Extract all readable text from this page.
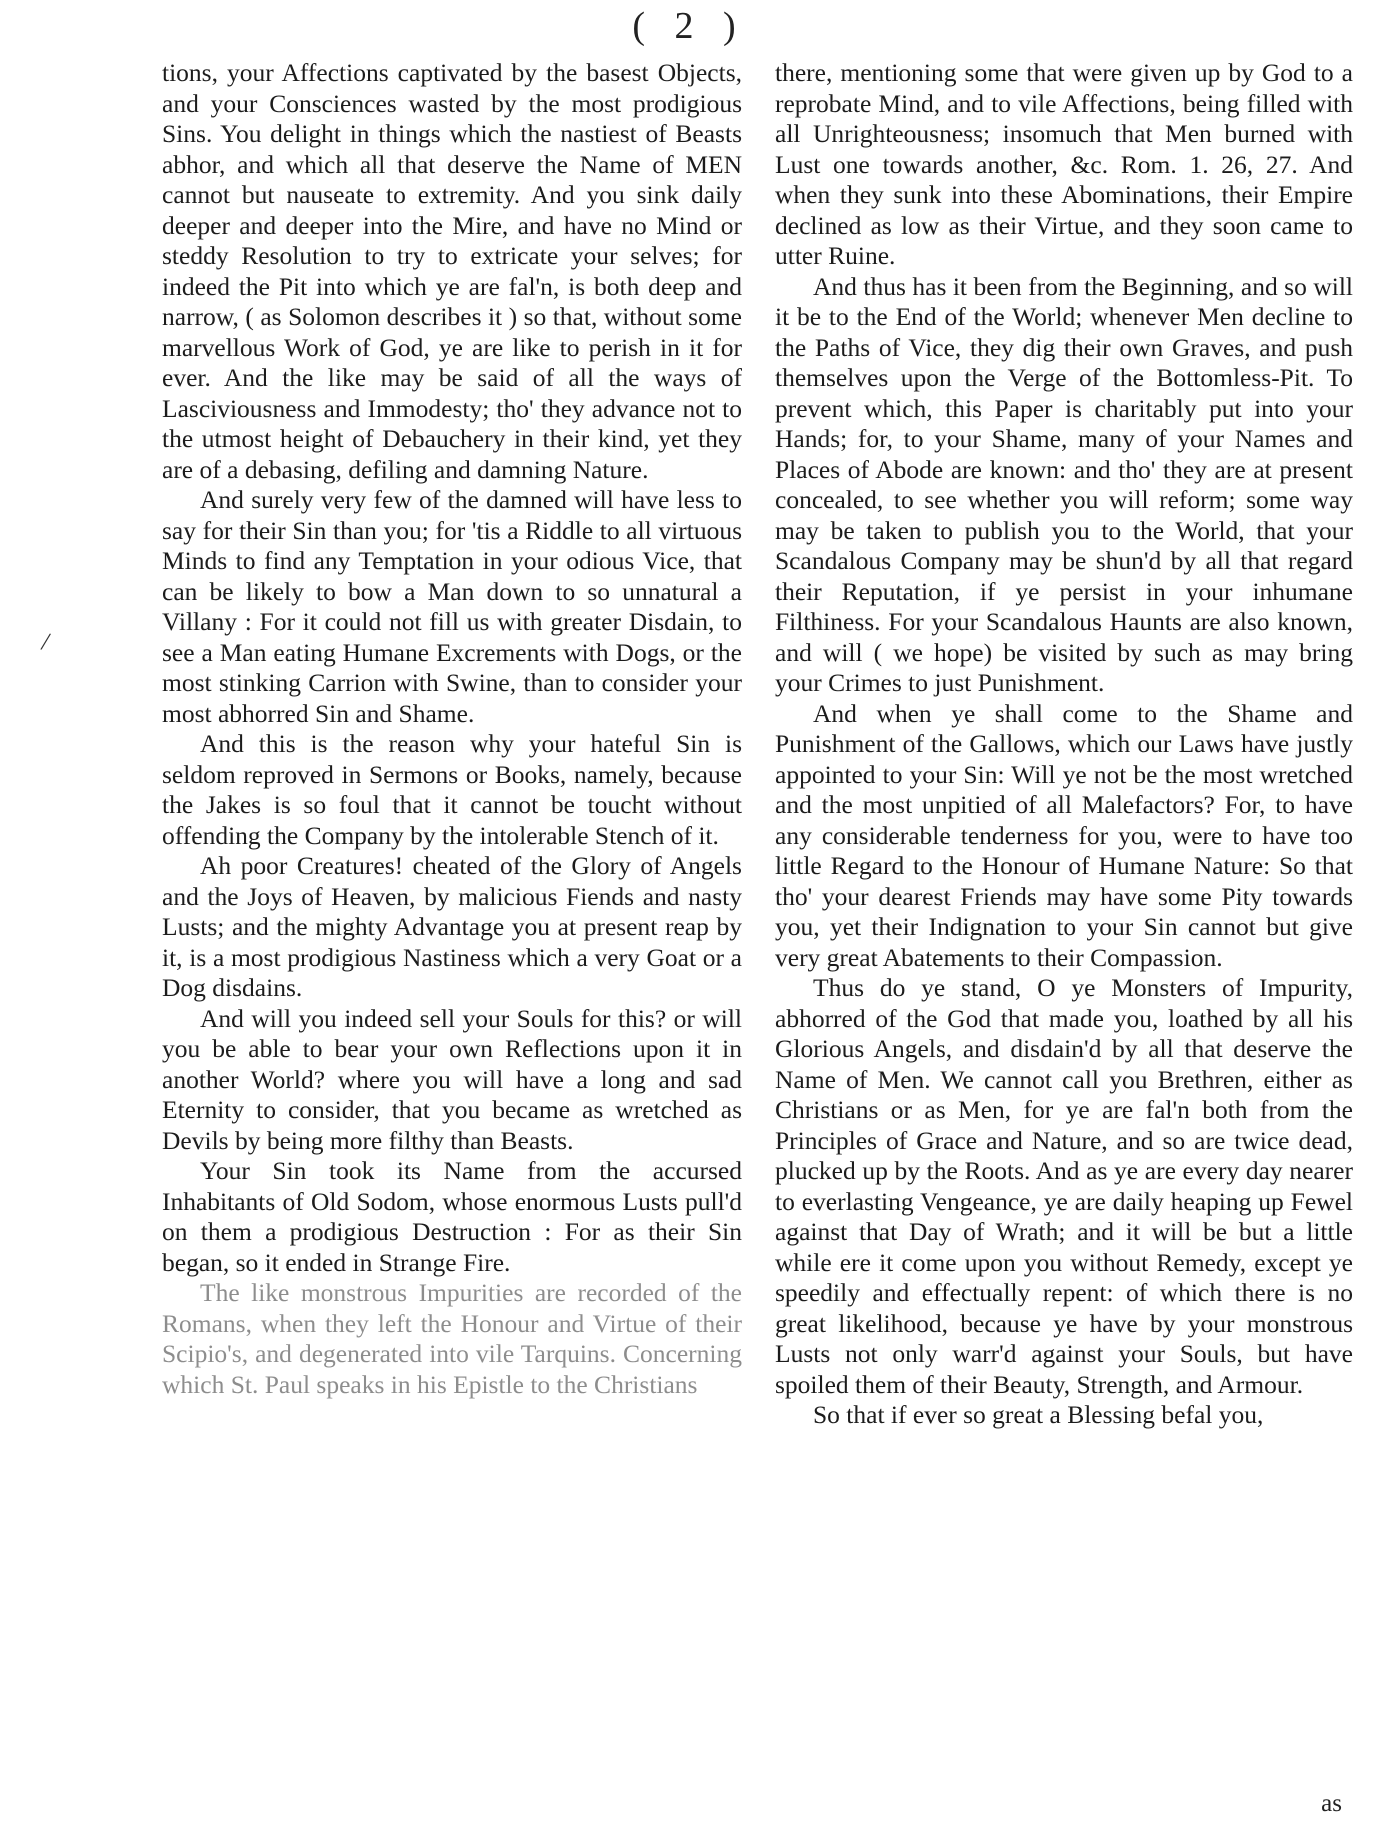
( 2 )
/

tions, your Affections captivated by the basest Objects, and your Consciences wasted by the most prodigious Sins. You delight in things which the nastiest of Beasts abhor, and which all that deserve the Name of MEN cannot but nauseate to extremity. And you sink daily deeper and deeper into the Mire, and have no Mind or steddy Resolution to try to extricate your selves; for indeed the Pit into which ye are fal'n, is both deep and narrow, ( as Solomon describes it ) so that, without some marvellous Work of God, ye are like to perish in it for ever. And the like may be said of all the ways of Lasciviousness and Immodesty; tho' they advance not to the utmost height of Debauchery in their kind, yet they are of a debasing, defiling and damning Nature.

And surely very few of the damned will have less to say for their Sin than you; for 'tis a Riddle to all virtuous Minds to find any Temptation in your odious Vice, that can be likely to bow a Man down to so unnatural a Villany : For it could not fill us with greater Disdain, to see a Man eating Humane Excrements with Dogs, or the most stinking Carrion with Swine, than to consider your most abhorred Sin and Shame.

And this is the reason why your hateful Sin is seldom reproved in Sermons or Books, namely, because the Jakes is so foul that it cannot be toucht without offending the Company by the intolerable Stench of it.

Ah poor Creatures! cheated of the Glory of Angels and the Joys of Heaven, by malicious Fiends and nasty Lusts; and the mighty Advantage you at present reap by it, is a most prodigious Nastiness which a very Goat or a Dog disdains.

And will you indeed sell your Souls for this? or will you be able to bear your own Reflections upon it in another World? where you will have a long and sad Eternity to consider, that you became as wretched as Devils by being more filthy than Beasts.

Your Sin took its Name from the accursed Inhabitants of Old Sodom, whose enormous Lusts pull'd on them a prodigious Destruction : For as their Sin began, so it ended in Strange Fire.

The like monstrous Impurities are recorded of the Romans, when they left the Honour and Virtue of their Scipio's, and degenerated into vile Tarquins. Concerning which St. Paul speaks in his Epistle to the Christians

there, mentioning some that were given up by God to a reprobate Mind, and to vile Affections, being filled with all Unrighteousness; insomuch that Men burned with Lust one towards another, &c. Rom. 1. 26, 27. And when they sunk into these Abominations, their Empire declined as low as their Virtue, and they soon came to utter Ruine.

And thus has it been from the Beginning, and so will it be to the End of the World; whenever Men decline to the Paths of Vice, they dig their own Graves, and push themselves upon the Verge of the Bottomless-Pit. To prevent which, this Paper is charitably put into your Hands; for, to your Shame, many of your Names and Places of Abode are known: and tho' they are at present concealed, to see whether you will reform; some way may be taken to publish you to the World, that your Scandalous Company may be shun'd by all that regard their Reputation, if ye persist in your inhumane Filthiness. For your Scandalous Haunts are also known, and will ( we hope) be visited by such as may bring your Crimes to just Punishment.

And when ye shall come to the Shame and Punishment of the Gallows, which our Laws have justly appointed to your Sin: Will ye not be the most wretched and the most unpitied of all Malefactors? For, to have any considerable tenderness for you, were to have too little Regard to the Honour of Humane Nature: So that tho' your dearest Friends may have some Pity towards you, yet their Indignation to your Sin cannot but give very great Abatements to their Compassion.

Thus do ye stand, O ye Monsters of Impurity, abhorred of the God that made you, loathed by all his Glorious Angels, and disdain'd by all that deserve the Name of Men. We cannot call you Brethren, either as Christians or as Men, for ye are fal'n both from the Principles of Grace and Nature, and so are twice dead, plucked up by the Roots. And as ye are every day nearer to everlasting Vengeance, ye are daily heaping up Fewel against that Day of Wrath; and it will be but a little while ere it come upon you without Remedy, except ye speedily and effectually repent: of which there is no great likelihood, because ye have by your monstrous Lusts not only warr'd against your Souls, but have spoiled them of their Beauty, Strength, and Armour.

So that if ever so great a Blessing befal you,

as
